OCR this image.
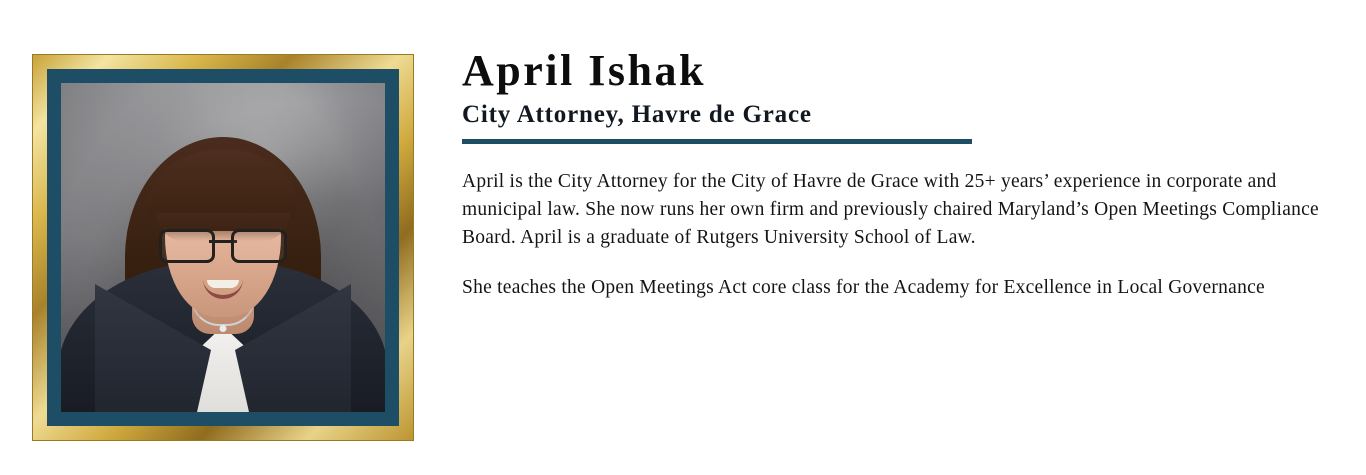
April Ishak
City Attorney, Havre de Grace

April is the City Attorney for the City of Havre de Grace with 25+ years’ experience in corporate and municipal law. She now runs her own firm and previously chaired Maryland’s Open Meetings Compliance Board. April is a graduate of Rutgers University School of Law.

She teaches the Open Meetings Act core class for the Academy for Excellence in Local Governance
